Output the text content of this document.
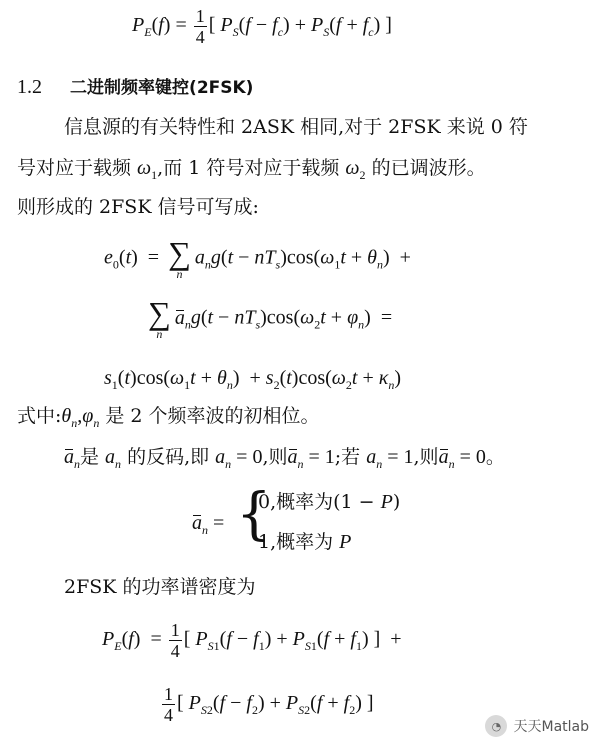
$P_E(f) = \frac{1}{4}$ [ $P_S(f - f_c) + P_S(f + f_c)$ ]
1.2 二进制频率键控(2FSK)
信息源的有关特性和 2ASK 相同,对于 2FSK 来说 0 符
号对应于载频 $\omega_1$,而 1 符号对应于载频 $\omega_2$ 的已调波形。
则形成的 2FSK 信号可写成:
$e_0(t)$  = ∑
n
$a_ng(t - nT_s)\cos(\omega_1t + \theta_n)$  +
∑
n
$a_ng(t - nT_s)\cos(\omega_2t + \varphi_n)$  =
$s_1(t)\cos(\omega_1t + \theta_n) + s_2(t)\cos(\omega_2t + \kappa_n)$
式中$:\theta_n,\varphi_n$ 是 2 个频率波的初相位。
$a_n$是 $a_n$ 的反码,即 $a_n = 0$,则$a_n = 1$;若 $a_n = 1$,则$a_n = 0$。
$a_n$ = {
0,概率为(1 − P)
1,概率为 P
2FSK 的功率谱密度为
$P_E(f) = \frac{1}{4}$ [ $P_{S1}(f - f_1) + P_{S1}(f + f_1)$ ]  +
$\frac{1}{4}$ [ $P_{S2}(f - f_2) + P_{S2}(f + f_2)$ ]
◔ 天天Matlab
